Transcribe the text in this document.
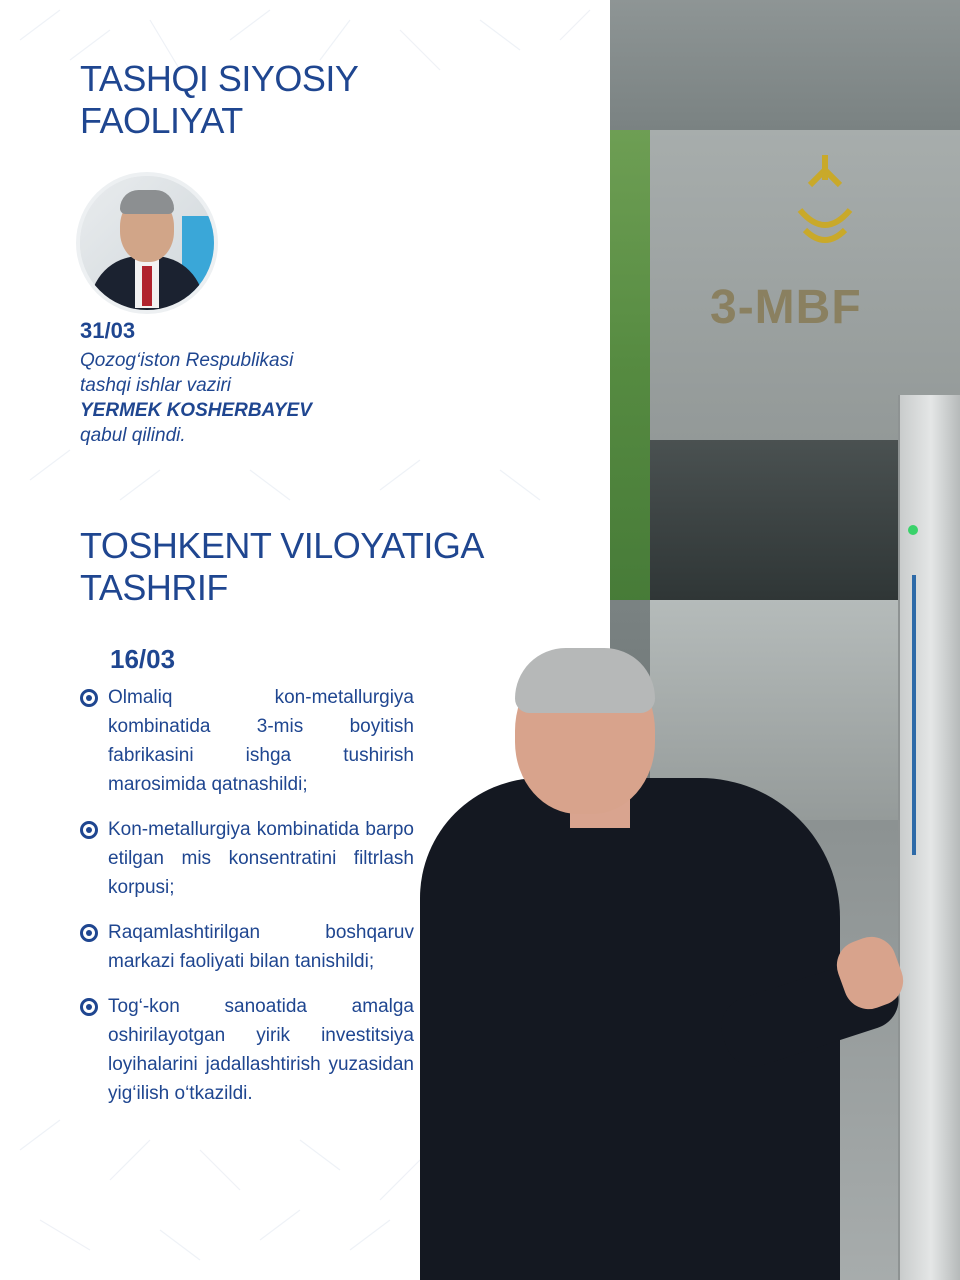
3-MBF
TASHQI SIYOSIY
FAOLIYAT
31/03
Qozog‘iston Respublikasi
tashqi ishlar vaziri
YERMEK KOSHERBAYEV
qabul qilindi.
TOSHKENT VILOYATIGA
TASHRIF
16/03
Olmaliq kon-metallurgiya kombinatida 3-mis boyitish fabrikasini ishga tushirish marosimida qatnashildi;
Kon-metallurgiya kombinatida barpo etilgan mis konsentratini filtrlash korpusi;
Raqamlashtirilgan boshqaruv markazi faoliyati bilan tanishildi;
Tog‘-kon sanoatida amalga oshirilayotgan yirik investitsiya loyihalarini jadallashtirish yuzasidan yig‘ilish o‘tkazildi.
